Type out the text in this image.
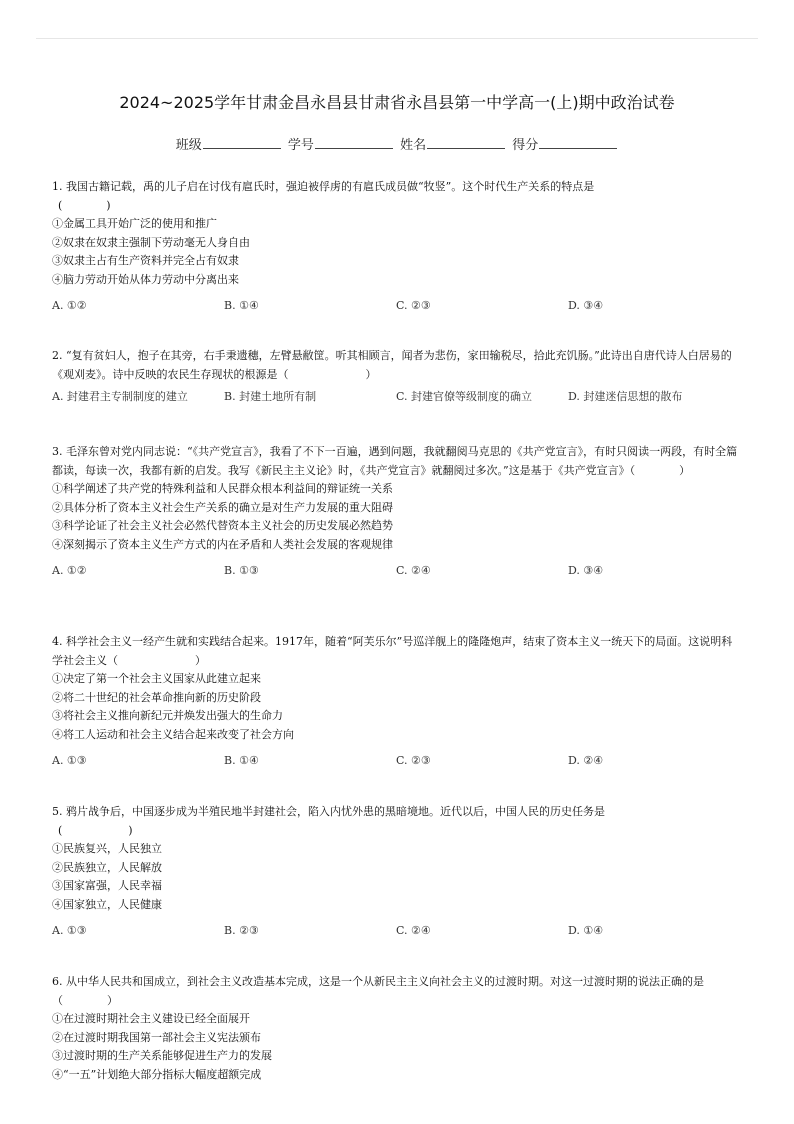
2024~2025学年甘肃金昌永昌县甘肃省永昌县第一中学高一(上)期中政治试卷
班级	学号	姓名	得分

1. 我国古籍记载，禹的儿子启在讨伐有扈氏时，强迫被俘虏的有扈氏成员做“牧竖”。这个时代生产关系的特点是

(　　　　)

①金属工具开始广泛的使用和推广

②奴隶在奴隶主强制下劳动毫无人身自由

③奴隶主占有生产资料并完全占有奴隶

④脑力劳动开始从体力劳动中分离出来

A. ①②	B. ①④	C. ②③	D. ③④

2. “复有贫妇人，抱子在其旁，右手秉遗穗，左臂悬敝筐。听其相顾言，闻者为悲伤，家田输税尽，拾此充饥肠。”此诗出自唐代诗人白居易的《观刈麦》。诗中反映的农民生存现状的根源是（　　　　　　　）

A. 封建君主专制制度的建立	B. 封建土地所有制	C. 封建官僚等级制度的确立	D. 封建迷信思想的散布

3. 毛泽东曾对党内同志说：“《共产党宣言》，我看了不下一百遍，遇到问题，我就翻阅马克思的《共产党宣言》，有时只阅读一两段，有时全篇都读，每读一次，我都有新的启发。我写《新民主主义论》时，《共产党宣言》就翻阅过多次。”这是基于《共产党宣言》（　　　　）

①科学阐述了共产党的特殊利益和人民群众根本利益间的辩证统一关系

②具体分析了资本主义社会生产关系的确立是对生产力发展的重大阻碍

③科学论证了社会主义社会必然代替资本主义社会的历史发展必然趋势

④深刻揭示了资本主义生产方式的内在矛盾和人类社会发展的客观规律

A. ①②	B. ①③	C. ②④	D. ③④

4. 科学社会主义一经产生就和实践结合起来。1917年，随着“阿芙乐尔”号巡洋舰上的隆隆炮声，结束了资本主义一统天下的局面。这说明科学社会主义（　　　　　　　）

①决定了第一个社会主义国家从此建立起来

②将二十世纪的社会革命推向新的历史阶段

③将社会主义推向新纪元并焕发出强大的生命力

④将工人运动和社会主义结合起来改变了社会方向

A. ①③	B. ①④	C. ②③	D. ②④

5. 鸦片战争后，中国逐步成为半殖民地半封建社会，陷入内忧外患的黑暗境地。近代以后，中国人民的历史任务是

(　　　　　　)

①民族复兴，人民独立

②民族独立，人民解放

③国家富强，人民幸福

④国家独立，人民健康

A. ①③	B. ②③	C. ②④	D. ①④

6. 从中华人民共和国成立，到社会主义改造基本完成，这是一个从新民主主义向社会主义的过渡时期。对这一过渡时期的说法正确的是（　　　　）

①在过渡时期社会主义建设已经全面展开

②在过渡时期我国第一部社会主义宪法颁布

③过渡时期的生产关系能够促进生产力的发展

④“一五”计划绝大部分指标大幅度超额完成
